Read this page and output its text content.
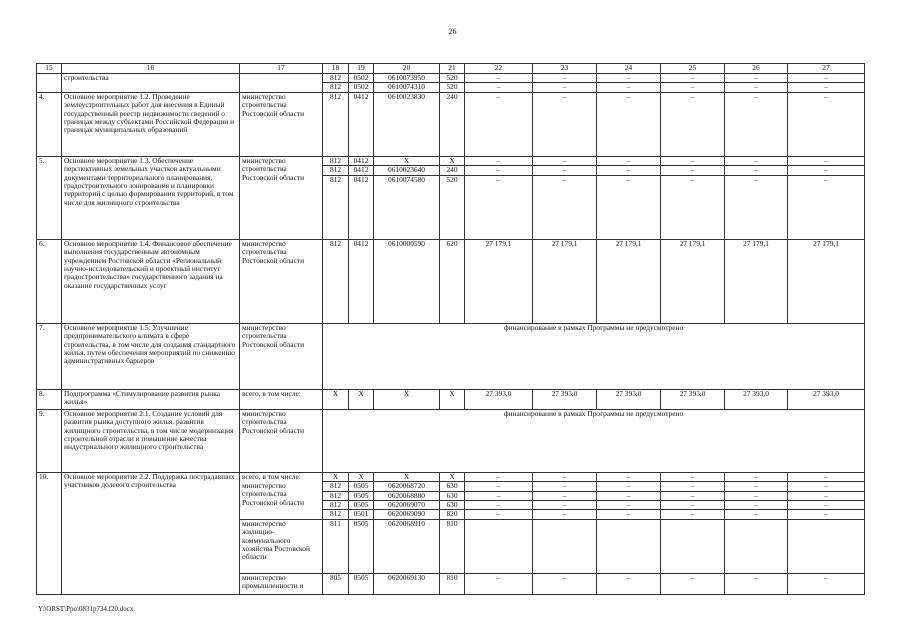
26
15	16	17	18	19	20	21	22	23	24	25	26	27
	строительства		812	0502	0610073950	520	–	–	–	–	–	–
			812	0502	0610074310	520	–	–	–	–	–	–
4.	Основное мероприятие 1.2. Проведение землеустроительных работ для внесения в Единый государственный реестр недвижимости сведений о границах между субъектами Российской Федерации и границах муниципальных образований	министерство строительства Ростовской области	812	0412	0610023830	240	–	–	–	–	–	–
5.	Основное мероприятие 1.3. Обеспечение перспективных земельных участков актуальными документами территориального планирования, градостроительного зонирования и планировки территорий с целью формирования территорий, в том числе для жилищного строительства	министерство строительства Ростовской области	812	0412	X	X	–	–	–	–	–	–
			812	0412	0610023640	240	–	–	–	–	–	–
			812	0412	0610074580	520	–	–	–	–	–	–
6.	Основное мероприятие 1.4. Финансовое обеспечение выполнения государственным автономным учреждением Ростовской области «Региональный научно-исследовательский и проектный институт градостроительства» государственного задания на оказание государственных услуг	министерство строительства Ростовской области	812	0412	0610000590	620	27 179,1	27 179,1	27 179,1	27 179,1	27 179,1	27 179,1
7.	Основное мероприятие 1.5. Улучшение предпринимательского климата в сфере строительства, в том числе для создания стандартного жилья, путем обеспечения мероприятий по снижению административных барьеров	министерство строительства Ростовской области	финансирование в рамках Программы не предусмотрено									
8.	Подпрограмма «Стимулирование развития рынка жилья»	всего, в том числе:	X	X	X	X	27 393,0	27 393,0	27 393,0	27 393,0	27 393,0	27 393,0
9.	Основное мероприятие 2.1. Создание условий для развития рынка доступного жилья, развития жилищного строительства, в том числе модернизация строительной отрасли и повышение качества индустриального жилищного строительства	министерство строительства Ростовской области	финансирование в рамках Программы не предусмотрено									
10.	Основное мероприятие 2.2. Поддержка пострадавших участников долевого строительства	всего, в том числе:	X	X	X	X	–	–	–	–	–	–
		министерство строительства Ростовской области	812	0505	0620068720	630	–	–	–	–	–	–
			812	0505	0620068880	630	–	–	–	–	–	–
			812	0505	0620069070	630	–	–	–	–	–	–
			812	0501	0620069090	820	–	–	–	–	–	–
		министерство жилищно-коммунального хозяйства Ростовской области	811	0505	0620068910	810						
		министерство промышленности и	805	0505	0620069130	810	–	–	–	–	–	–
Y:\ORST\Ppo\0831p734.f20.docx
